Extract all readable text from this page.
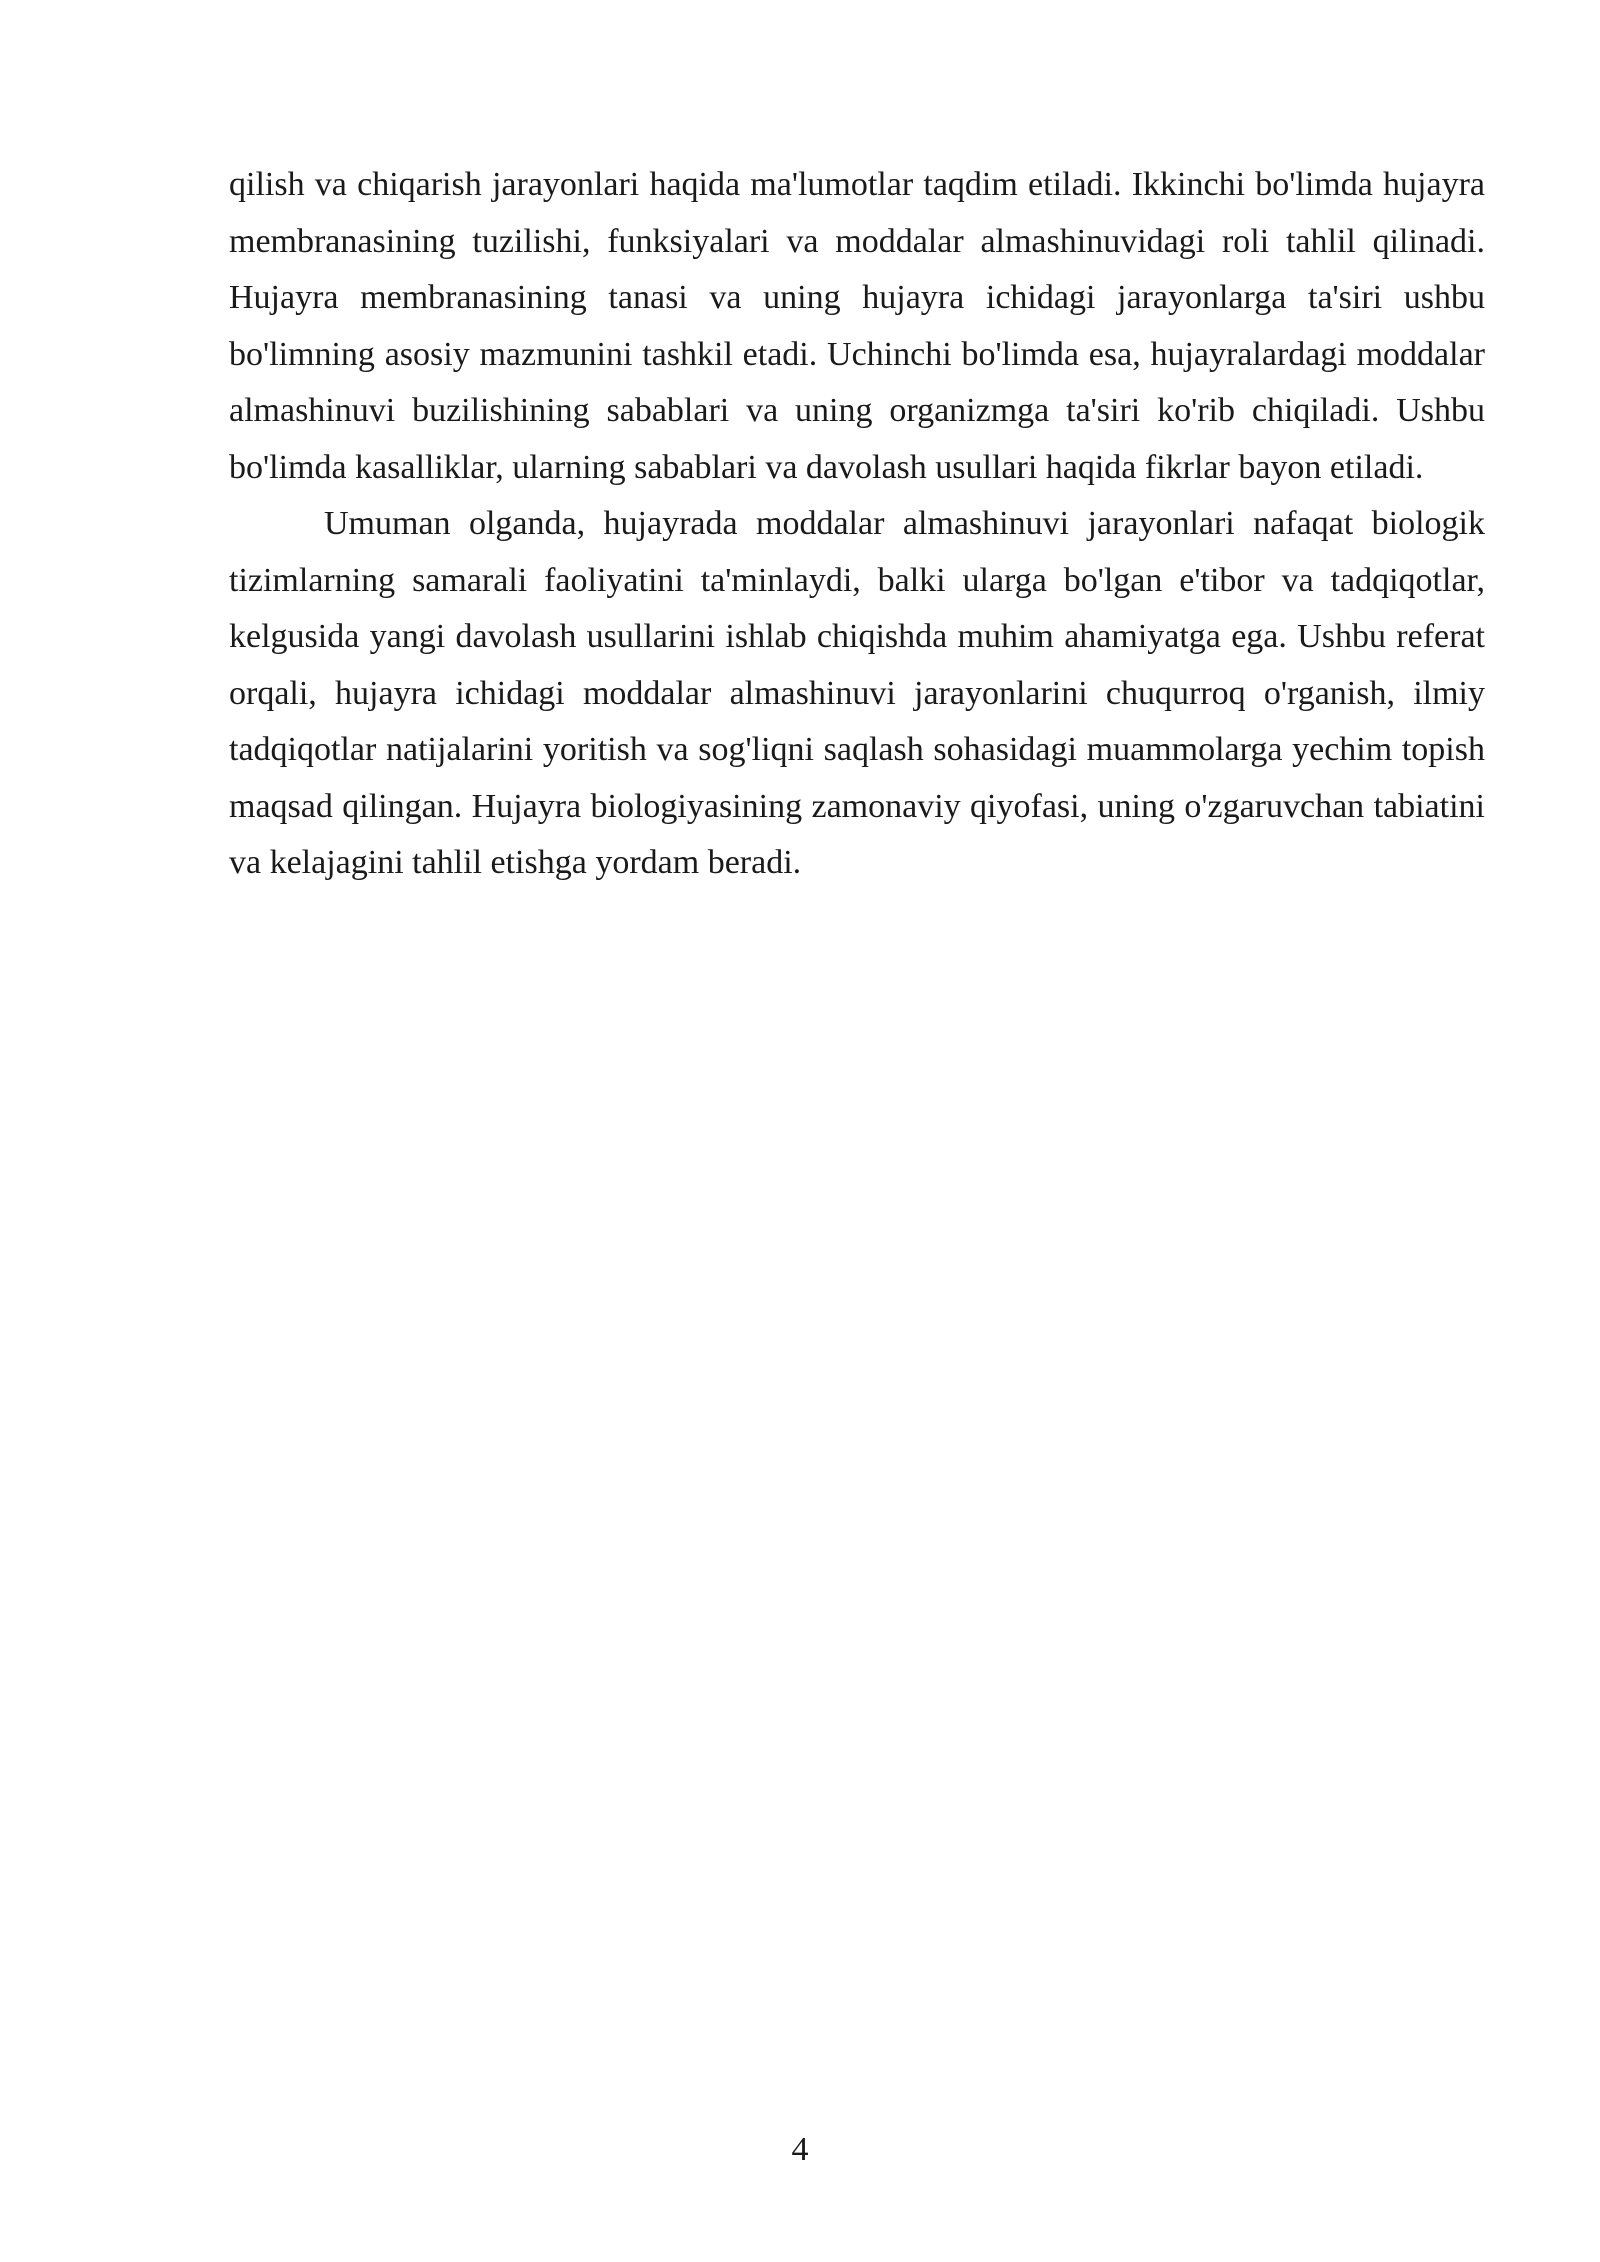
qilish va chiqarish jarayonlari haqida ma'lumotlar taqdim etiladi. Ikkinchi bo'limda hujayra membranasining tuzilishi, funksiyalari va moddalar almashinuvidagi roli tahlil qilinadi. Hujayra membranasining tanasi va uning hujayra ichidagi jarayonlarga ta'siri ushbu bo'limning asosiy mazmunini tashkil etadi. Uchinchi bo'limda esa, hujayralardagi moddalar almashinuvi buzilishining sabablari va uning organizmga ta'siri ko'rib chiqiladi. Ushbu bo'limda kasalliklar, ularning sabablari va davolash usullari haqida fikrlar bayon etiladi.

Umuman olganda, hujayrada moddalar almashinuvi jarayonlari nafaqat biologik tizimlarning samarali faoliyatini ta'minlaydi, balki ularga bo'lgan e'tibor va tadqiqotlar, kelgusida yangi davolash usullarini ishlab chiqishda muhim ahamiyatga ega. Ushbu referat orqali, hujayra ichidagi moddalar almashinuvi jarayonlarini chuqurroq o'rganish, ilmiy tadqiqotlar natijalarini yoritish va sog'liqni saqlash sohasidagi muammolarga yechim topish maqsad qilingan. Hujayra biologiyasining zamonaviy qiyofasi, uning o'zgaruvchan tabiatini va kelajagini tahlil etishga yordam beradi.

4
